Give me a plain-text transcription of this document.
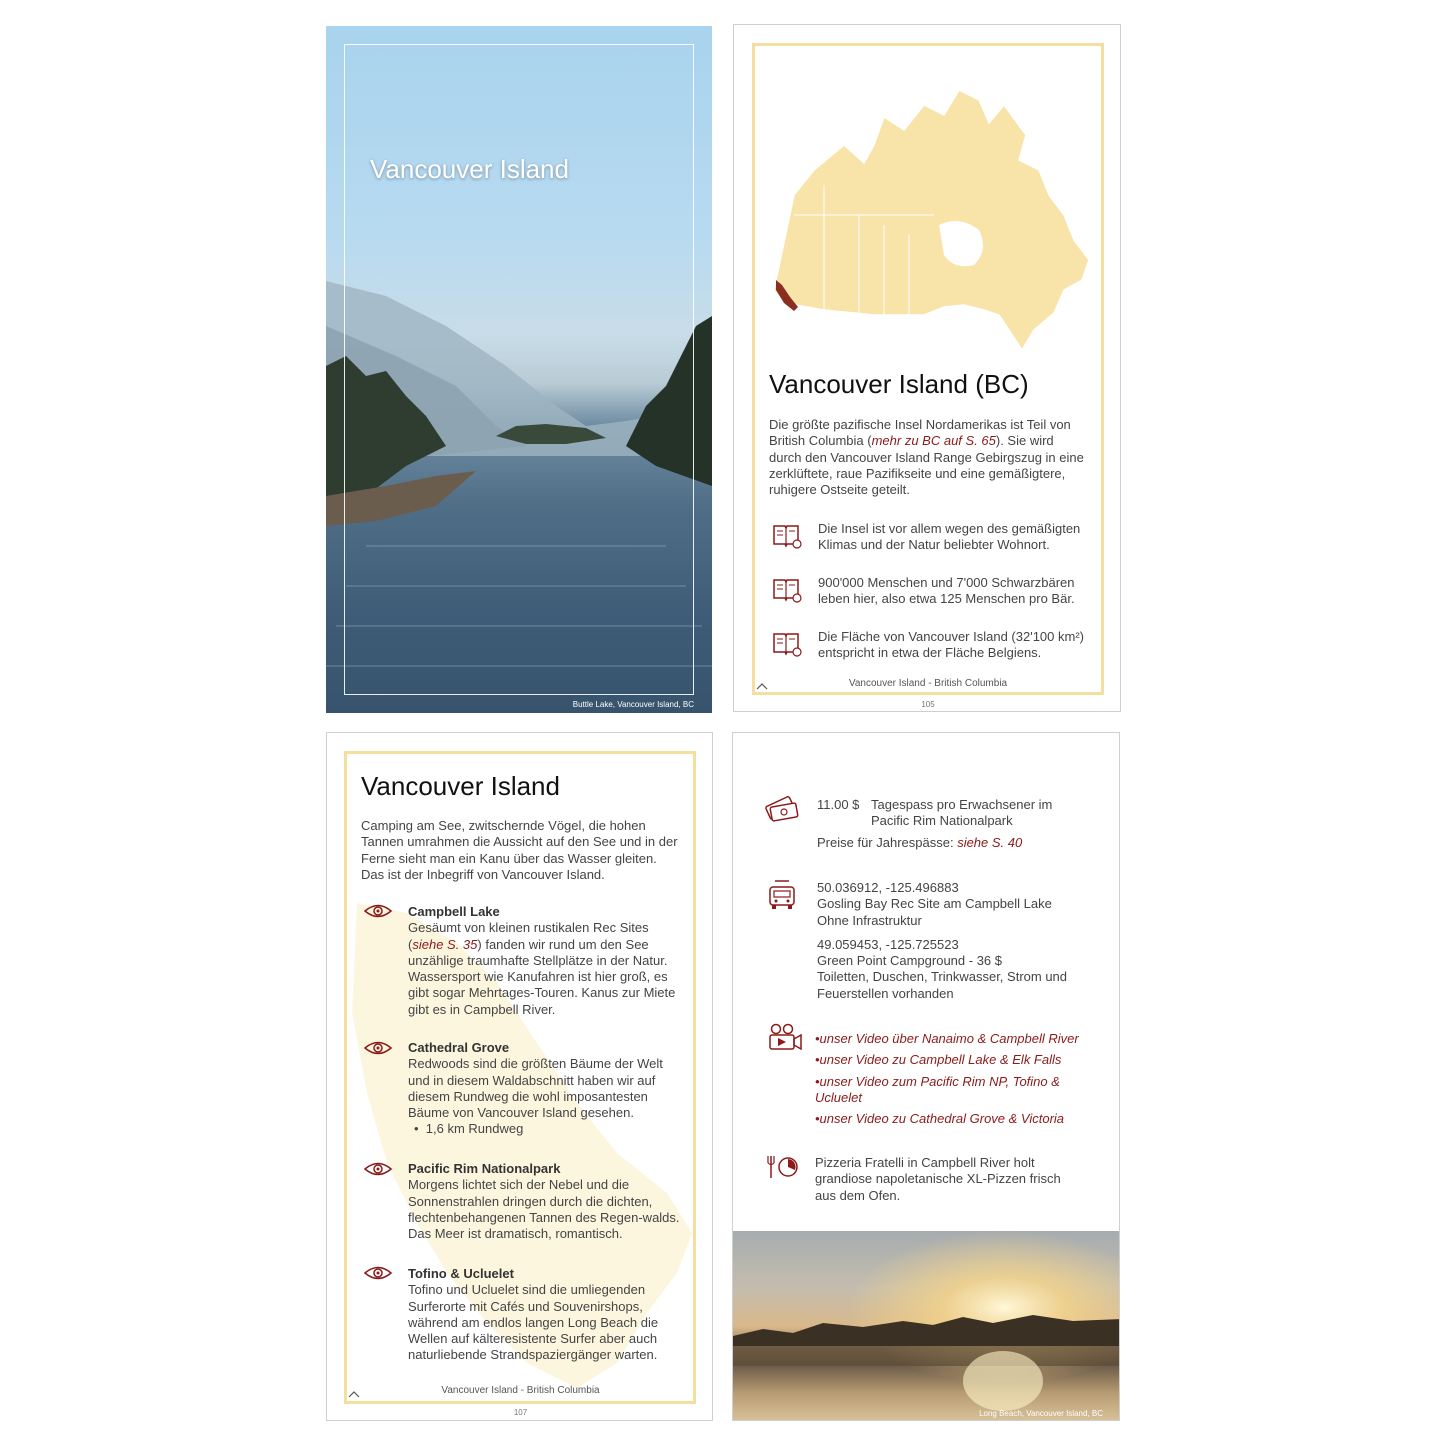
Vancouver Island
Buttle Lake, Vancouver Island, BC
Vancouver Island (BC)
Die größte pazifische Insel Nordamerikas ist Teil von British Columbia (mehr zu BC auf S. 65). Sie wird durch den Vancouver Island Range Gebirgszug in eine zerklüftete, raue Pazifikseite und eine gemäßigtere, ruhigere Ostseite geteilt.
Die Insel ist vor allem wegen des gemäßigten Klimas und der Natur beliebter Wohnort.
900'000 Menschen und 7'000 Schwarzbären leben hier, also etwa 125 Menschen pro Bär.
Die Fläche von Vancouver Island (32'100 km²) entspricht in etwa der Fläche Belgiens.
Vancouver Island - British Columbia
105
Vancouver Island
Camping am See, zwitschernde Vögel, die hohen Tannen umrahmen die Aussicht auf den See und in der Ferne sieht man ein Kanu über das Wasser gleiten. Das ist der Inbegriff von Vancouver Island.
Campbell Lake
Gesäumt von kleinen rustikalen Rec Sites (siehe S. 35) fanden wir rund um den See unzählige traumhafte Stellplätze in der Natur. Wassersport wie Kanufahren ist hier groß, es gibt sogar Mehrtages-Touren. Kanus zur Miete gibt es in Campbell River.
Cathedral Grove
Redwoods sind die größten Bäume der Welt und in diesem Waldabschnitt haben wir auf diesem Rundweg die wohl imposantesten Bäume von Vancouver Island gesehen.
•  1,6 km Rundweg
Pacific Rim Nationalpark
Morgens lichtet sich der Nebel und die Sonnenstrahlen dringen durch die dichten, flechtenbehangenen Tannen des Regen-walds. Das Meer ist dramatisch, romantisch.
Tofino & Ucluelet
Tofino und Ucluelet sind die umliegenden Surferorte mit Cafés und Souvenirshops, während am endlos langen Long Beach die Wellen auf kälteresistente Surfer aber auch naturliebende Strandspaziergänger warten.
Vancouver Island - British Columbia
107
11.00 $ Tagespass pro Erwachsener im Pacific Rim Nationalpark
Preise für Jahrespässe: siehe S. 40
50.036912, -125.496883
Gosling Bay Rec Site am Campbell Lake
Ohne Infrastruktur
49.059453, -125.725523
Green Point Campground - 36 $
Toiletten, Duschen, Trinkwasser, Strom und Feuerstellen vorhanden
•unser Video über Nanaimo & Campbell River
•unser Video zu Campbell Lake & Elk Falls
•unser Video zum Pacific Rim NP, Tofino & Ucluelet
•unser Video zu Cathedral Grove & Victoria
Pizzeria Fratelli in Campbell River holt grandiose napoletanische XL-Pizzen frisch aus dem Ofen.
Long Beach, Vancouver Island, BC
